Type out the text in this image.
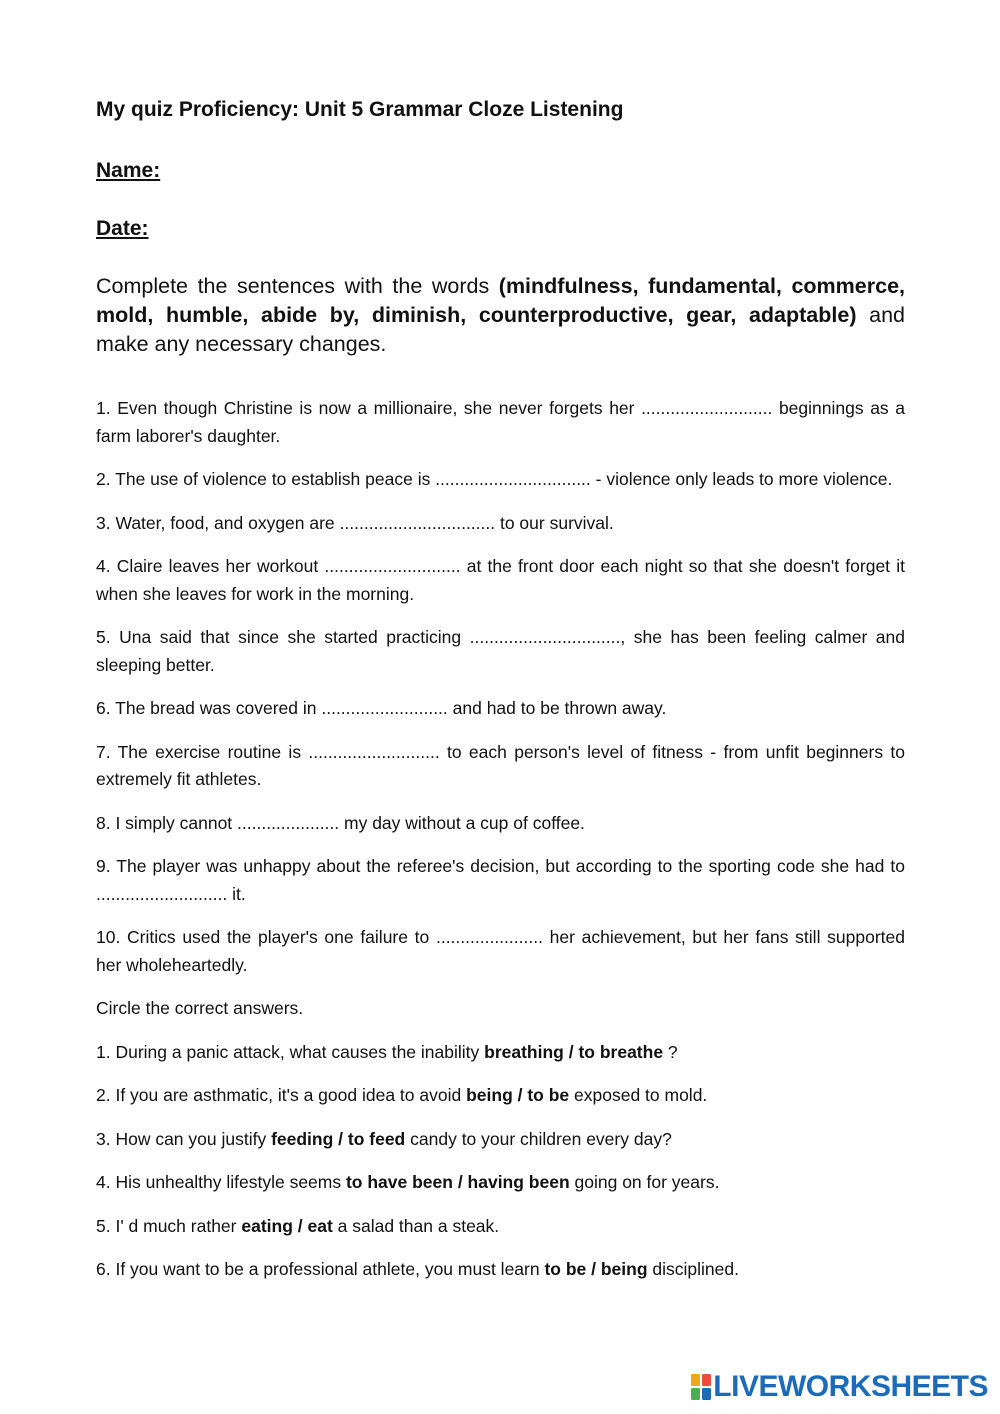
My quiz Proficiency: Unit 5 Grammar Cloze Listening
Name:
Date:
Complete the sentences with the words (mindfulness, fundamental, commerce, mold, humble, abide by, diminish, counterproductive, gear, adaptable) and make any necessary changes.
1. Even though Christine is now a millionaire, she never forgets her ........................... beginnings as a farm laborer's daughter.
2. The use of violence to establish peace is ................................ - violence only leads to more violence.
3. Water, food, and oxygen are ................................ to our survival.
4. Claire leaves her workout ............................ at the front door each night so that she doesn't forget it when she leaves for work in the morning.
5. Una said that since she started practicing ..............................., she has been feeling calmer and sleeping better.
6. The bread was covered in .......................... and had to be thrown away.
7. The exercise routine is ........................... to each person's level of fitness - from unfit beginners to extremely fit athletes.
8. I simply cannot ..................... my day without a cup of coffee.
9. The player was unhappy about the referee's decision, but according to the sporting code she had to ........................... it.
10. Critics used the player's one failure to ...................... her achievement, but her fans still supported her wholeheartedly.
Circle the correct answers.
1. During a panic attack, what causes the inability breathing / to breathe ?
2. If you are asthmatic, it's a good idea to avoid being / to be exposed to mold.
3. How can you justify feeding / to feed candy to your children every day?
4. His unhealthy lifestyle seems to have been / having been going on for years.
5. I' d much rather eating / eat a salad than a steak.
6. If you want to be a professional athlete, you must learn to be / being disciplined.
LIVEWORKSHEETS
